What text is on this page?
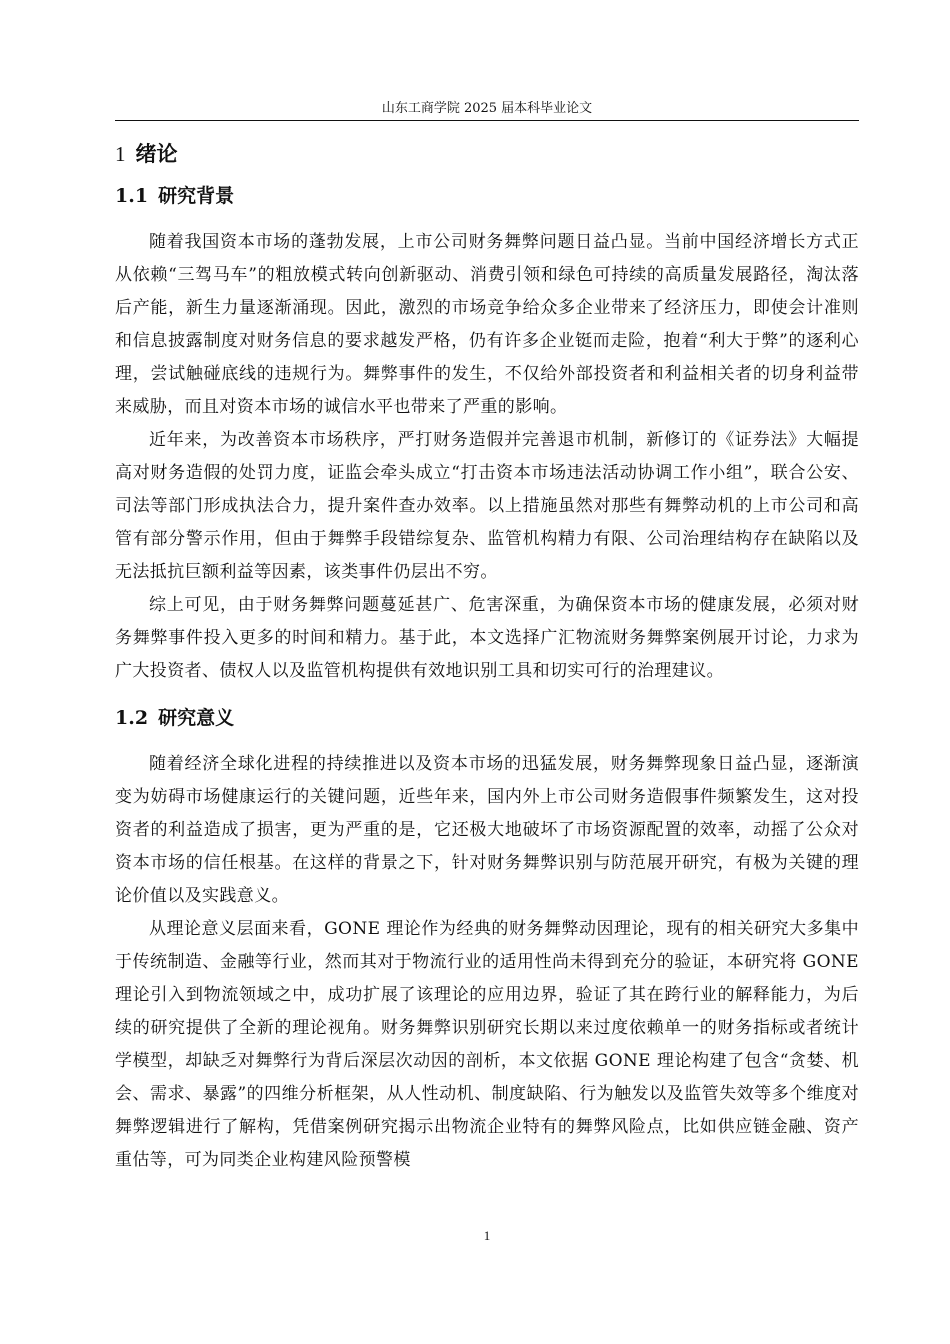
山东工商学院 2025 届本科毕业论文
1 绪论
1.1 研究背景

随着我国资本市场的蓬勃发展，上市公司财务舞弊问题日益凸显。当前中国经济增长方式正从依赖“三驾马车”的粗放模式转向创新驱动、消费引领和绿色可持续的高质量发展路径，淘汰落后产能，新生力量逐渐涌现。因此，激烈的市场竞争给众多企业带来了经济压力，即使会计准则和信息披露制度对财务信息的要求越发严格，仍有许多企业铤而走险，抱着“利大于弊”的逐利心理，尝试触碰底线的违规行为。舞弊事件的发生，不仅给外部投资者和利益相关者的切身利益带来威胁，而且对资本市场的诚信水平也带来了严重的影响。

近年来，为改善资本市场秩序，严打财务造假并完善退市机制，新修订的《证券法》大幅提高对财务造假的处罚力度，证监会牵头成立“打击资本市场违法活动协调工作小组”，联合公安、司法等部门形成执法合力，提升案件查办效率。以上措施虽然对那些有舞弊动机的上市公司和高管有部分警示作用，但由于舞弊手段错综复杂、监管机构精力有限、公司治理结构存在缺陷以及无法抵抗巨额利益等因素，该类事件仍层出不穷。

综上可见，由于财务舞弊问题蔓延甚广、危害深重，为确保资本市场的健康发展，必须对财务舞弊事件投入更多的时间和精力。基于此，本文选择广汇物流财务舞弊案例展开讨论，力求为广大投资者、债权人以及监管机构提供有效地识别工具和切实可行的治理建议。

1.2 研究意义

随着经济全球化进程的持续推进以及资本市场的迅猛发展，财务舞弊现象日益凸显，逐渐演变为妨碍市场健康运行的关键问题，近些年来，国内外上市公司财务造假事件频繁发生，这对投资者的利益造成了损害，更为严重的是，它还极大地破坏了市场资源配置的效率，动摇了公众对资本市场的信任根基。在这样的背景之下，针对财务舞弊识别与防范展开研究，有极为关键的理论价值以及实践意义。

从理论意义层面来看，GONE 理论作为经典的财务舞弊动因理论，现有的相关研究大多集中于传统制造、金融等行业，然而其对于物流行业的适用性尚未得到充分的验证，本研究将 GONE 理论引入到物流领域之中，成功扩展了该理论的应用边界，验证了其在跨行业的解释能力，为后续的研究提供了全新的理论视角。财务舞弊识别研究长期以来过度依赖单一的财务指标或者统计学模型，却缺乏对舞弊行为背后深层次动因的剖析，本文依据 GONE 理论构建了包含“贪婪、机会、需求、暴露”的四维分析框架，从人性动机、制度缺陷、行为触发以及监管失效等多个维度对舞弊逻辑进行了解构，凭借案例研究揭示出物流企业特有的舞弊风险点，比如供应链金融、资产重估等，可为同类企业构建风险预警模

1
